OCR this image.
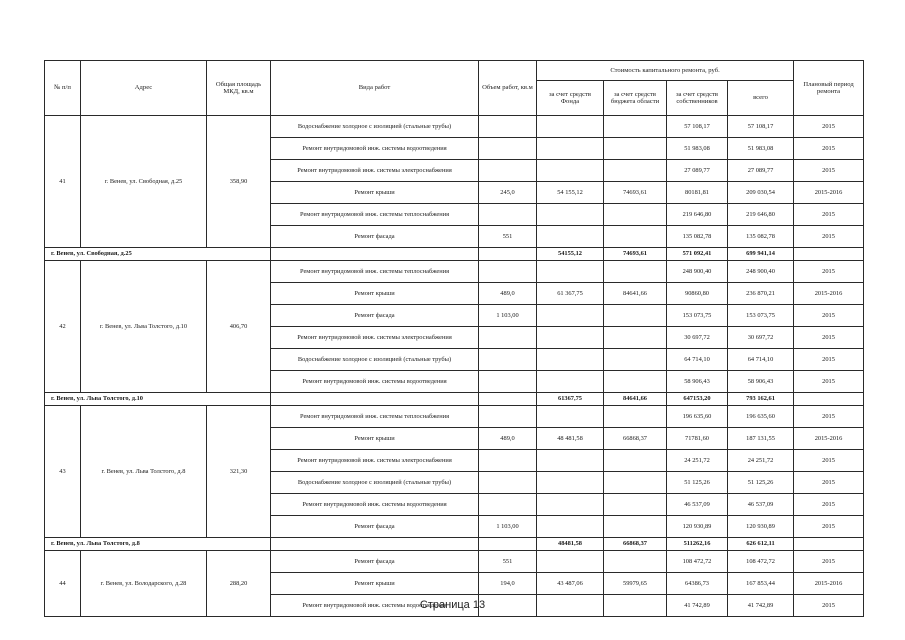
№ п/п	Адрес	Общая площадь МКД, кв.м	Вида работ	Объем работ, кв.м	Стоимость капитального ремонта, руб.				Плановый период ремонта
					за счет средств Фонда	за счет средств бюджета области	за счет средств собственников	всего	
41	г. Венев, ул. Свободная, д.25	358,90	Водоснабжение холодное с изоляцией (стальные трубы)				57 108,17	57 108,17	2015
			Ремонт внутридомовой инж. системы водоотведения				51 983,08	51 983,08	2015
			Ремонт внутридомовой инж. системы электроснабжения				27 089,77	27 089,77	2015
			Ремонт крыши	245,0	54 155,12	74693,61	80181,81	209 030,54	2015-2016
			Ремонт внутридомовой инж. системы теплоснабжения				219 646,80	219 646,80	2015
			Ремонт фасада	551			135 082,78	135 082,78	2015
г. Венев, ул. Свободная, д.25					54155,12	74693,61	571 092,41	699 941,14	
42	г. Венев, ул. Льва Толстого, д.10	406,70	Ремонт внутридомовой инж. системы теплоснабжения				248 900,40	248 900,40	2015
			Ремонт крыши	489,0	61 367,75	84641,66	90860,80	236 870,21	2015-2016
			Ремонт фасада	1 103,00			153 073,75	153 073,75	2015
			Ремонт внутридомовой инж. системы электроснабжения				30 697,72	30 697,72	2015
			Водоснабжение холодное с изоляцией (стальные трубы)				64 714,10	64 714,10	2015
			Ремонт внутридомовой инж. системы водоотведения				58 906,43	58 906,43	2015
г. Венев, ул. Льва Толстого, д.10					61367,75	84641,66	647153,20	793 162,61	
43	г. Венев, ул. Льва Толстого, д.8	321,30	Ремонт внутридомовой инж. системы теплоснабжения				196 635,60	196 635,60	2015
			Ремонт крыши	489,0	48 481,58	66868,37	71781,60	187 131,55	2015-2016
			Ремонт внутридомовой инж. системы электроснабжения				24 251,72	24 251,72	2015
			Водоснабжение холодное с изоляцией (стальные трубы)				51 125,26	51 125,26	2015
			Ремонт внутридомовой инж. системы водоотведения				46 537,09	46 537,09	2015
			Ремонт фасада	1 103,00			120 930,89	120 930,89	2015
г. Венев, ул. Льва Толстого, д.8					48481,58	66868,37	511262,16	626 612,11	
44	г. Венев, ул. Володарского, д.28	288,20	Ремонт фасада	551			108 472,72	108 472,72	2015
			Ремонт крыши	194,0	43 487,06	59979,65	64386,73	167 853,44	2015-2016
			Ремонт внутридомовой инж. системы водоотведения				41 742,89	41 742,89	2015
Страница 13
